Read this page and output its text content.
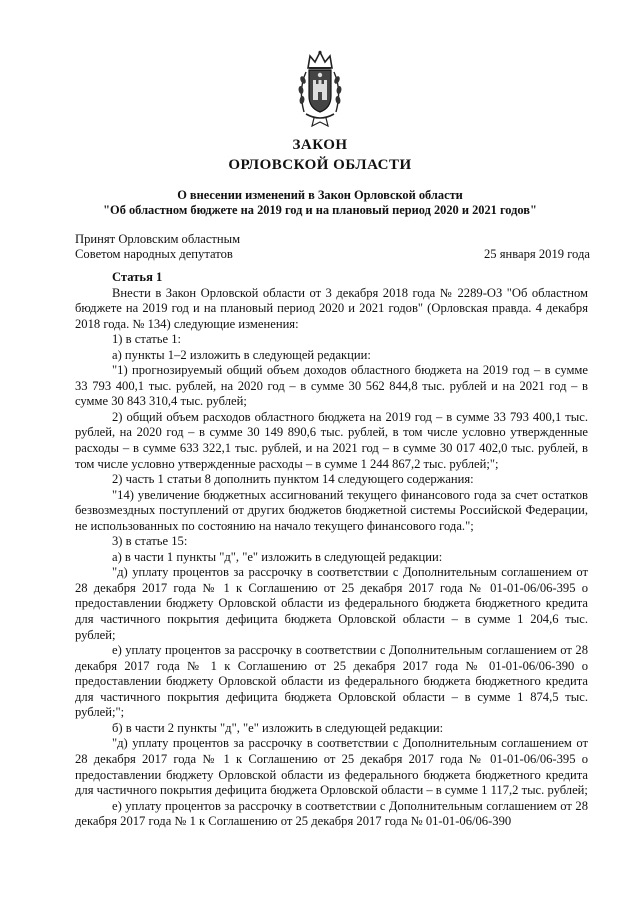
ЗАКОН
ОРЛОВСКОЙ ОБЛАСТИ
О внесении изменений в Закон Орловской области
"Об областном бюджете на 2019 год и на плановый период 2020 и 2021 годов"
Принят Орловским областным
Советом народных депутатов	25 января 2019 года

Статья 1

Внести в Закон Орловской области от 3 декабря 2018 года № 2289-ОЗ "Об областном бюджете на 2019 год и на плановый период 2020 и 2021 годов" (Орловская правда. 4 декабря 2018 года. № 134) следующие изменения:

1) в статье 1:

а) пункты 1–2 изложить в следующей редакции:

"1) прогнозируемый общий объем доходов областного бюджета на 2019 год – в сумме 33 793 400,1 тыс. рублей, на 2020 год – в сумме 30 562 844,8 тыс. рублей и на 2021 год – в сумме 30 843 310,4 тыс. рублей;

2) общий объем расходов областного бюджета на 2019 год – в сумме 33 793 400,1 тыс. рублей, на 2020 год – в сумме 30 149 890,6 тыс. рублей, в том числе условно утвержденные расходы – в сумме 633 322,1 тыс. рублей, и на 2021 год – в сумме 30 017 402,0 тыс. рублей, в том числе условно утвержденные расходы – в сумме 1 244 867,2 тыс. рублей;";

2) часть 1 статьи 8 дополнить пунктом 14 следующего содержания:

"14) увеличение бюджетных ассигнований текущего финансового года за счет остатков безвозмездных поступлений от других бюджетов бюджетной системы Российской Федерации, не использованных по состоянию на начало текущего финансового года.";

3) в статье 15:

а) в части 1 пункты "д", "е" изложить в следующей редакции:

"д) уплату процентов за рассрочку в соответствии с Дополнительным соглашением от 28 декабря 2017 года № 1 к Соглашению от 25 декабря 2017 года № 01-01-06/06-395 о предоставлении бюджету Орловской области из федерального бюджета бюджетного кредита для частичного покрытия дефицита бюджета Орловской области – в сумме 1 204,6 тыс. рублей;

е) уплату процентов за рассрочку в соответствии с Дополнительным соглашением от 28 декабря 2017 года № 1 к Соглашению от 25 декабря 2017 года № 01-01-06/06-390 о предоставлении бюджету Орловской области из федерального бюджета бюджетного кредита для частичного покрытия дефицита бюджета Орловской области – в сумме 1 874,5 тыс. рублей;";

б) в части 2 пункты "д", "е" изложить в следующей редакции:

"д) уплату процентов за рассрочку в соответствии с Дополнительным соглашением от 28 декабря 2017 года № 1 к Соглашению от 25 декабря 2017 года № 01-01-06/06-395 о предоставлении бюджету Орловской области из федерального бюджета бюджетного кредита для частичного покрытия дефицита бюджета Орловской области – в сумме 1 117,2 тыс. рублей;

е) уплату процентов за рассрочку в соответствии с Дополнительным соглашением от 28 декабря 2017 года № 1 к Соглашению от 25 декабря 2017 года № 01-01-06/06-390
